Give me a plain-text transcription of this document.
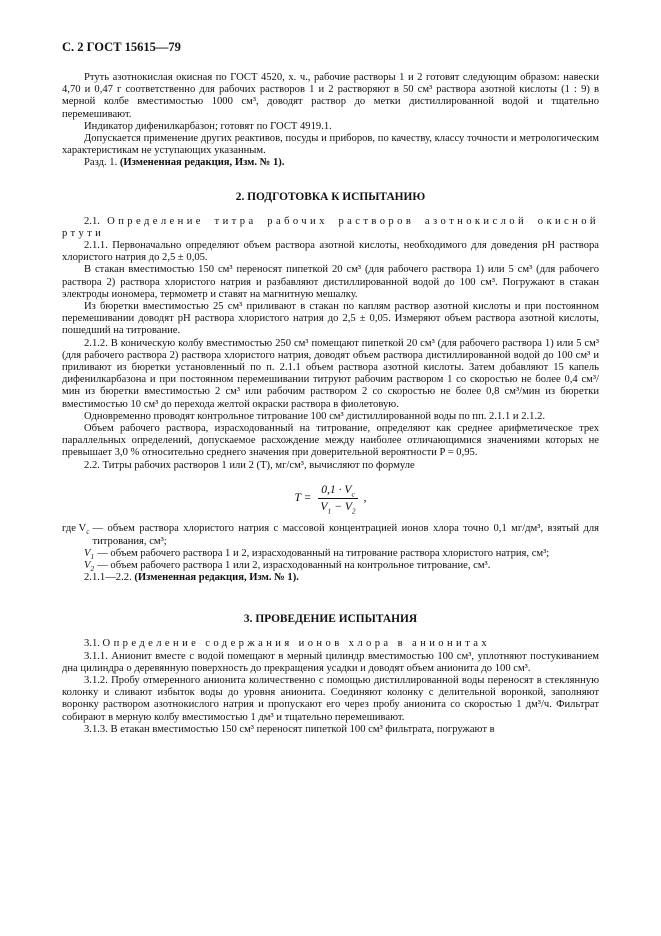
С. 2 ГОСТ 15615—79

Ртуть азотнокислая окисная по ГОСТ 4520, х. ч., рабочие растворы 1 и 2 готовят следующим образом: навески 4,70 и 0,47 г соответственно для рабочих растворов 1 и 2 растворяют в 50 см³ раствора азотной кислоты (1 : 9) в мерной колбе вместимостью 1000 см³, доводят раствор до метки дистиллированной водой и тщательно перемешивают.

Индикатор дифенилкарбазон; готовят по ГОСТ 4919.1.

Допускается применение других реактивов, посуды и приборов, по качеству, классу точности и метрологическим характеристикам не уступающих указанным.

Разд. 1. (Измененная редакция, Изм. № 1).

2. ПОДГОТОВКА К ИСПЫТАНИЮ

2.1. Определение титра рабочих растворов азотнокислой окисной ртути

2.1.1. Первоначально определяют объем раствора азотной кислоты, необходимого для доведения рН раствора хлористого натрия до 2,5 ± 0,05.

В стакан вместимостью 150 см³ переносят пипеткой 20 см³ (для рабочего раствора 1) или 5 см³ (для рабочего раствора 2) раствора хлористого натрия и разбавляют дистиллированной водой до 100 см³. Погружают в стакан электроды иономера, термометр и ставят на магнитную мешалку.

Из бюретки вместимостью 25 см³ приливают в стакан по каплям раствор азотной кислоты и при постоянном перемешивании доводят рН раствора хлористого натрия до 2,5 ± 0,05. Измеряют объем раствора азотной кислоты, пошедший на титрование.

2.1.2. В коническую колбу вместимостью 250 см³ помещают пипеткой 20 см³ (для рабочего раствора 1) или 5 см³ (для рабочего раствора 2) раствора хлористого натрия, доводят объем раствора дистиллированной водой до 100 см³ и приливают из бюретки установленный по п. 2.1.1 объем раствора азотной кислоты. Затем добавляют 15 капель дифенилкарбазона и при постоянном перемешивании титруют рабочим раствором 1 со скоростью не более 0,4 см³/мин из бюретки вместимостью 2 см³ или рабочим раствором 2 со скоростью не более 0,8 см³/мин из бюретки вместимостью 10 см³ до перехода желтой окраски раствора в фиолетовую.

Одновременно проводят контрольное титрование 100 см³ дистиллированной воды по пп. 2.1.1 и 2.1.2.

Объем рабочего раствора, израсходованный на титрование, определяют как среднее арифметическое трех параллельных определений, допускаемое расхождение между наиболее отличающимися значениями которых не превышает 3,0 % относительно среднего значения при доверительной вероятности P = 0,95.

2.2. Титры рабочих растворов 1 или 2 (T), мг/см³, вычисляют по формуле

$T = \frac{0,1 \cdot V_c}{V_1 - V_2}$ ,
где $V_c$ — объем раствора хлористого натрия с массовой концентрацией ионов хлора точно 0,1 мг/дм³, взятый для титрования, см³;
$V_1$ — объем рабочего раствора 1 и 2, израсходованный на титрование раствора хлористого натрия, см³;
$V_2$ — объем рабочего раствора 1 или 2, израсходованный на контрольное титрование, см³.

2.1.1—2.2. (Измененная редакция, Изм. № 1).

3. ПРОВЕДЕНИЕ ИСПЫТАНИЯ

3.1. Определение содержания ионов хлора в анионитах

3.1.1. Анионит вместе с водой помещают в мерный цилиндр вместимостью 100 см³, уплотняют постукиванием дна цилиндра о деревянную поверхность до прекращения усадки и доводят объем анионита до 100 см³.

3.1.2. Пробу отмеренного анионита количественно с помощью дистиллированной воды переносят в стеклянную колонку и сливают избыток воды до уровня анионита. Соединяют колонку с делительной воронкой, заполняют воронку раствором азотнокислого натрия и пропускают его через пробу анионита со скоростью 1 дм³/ч. Фильтрат собирают в мерную колбу вместимостью 1 дм³ и тщательно перемешивают.

3.1.3. В етакан вместимостью 150 см³ переносят пипеткой 100 см³ фильтрата, погружают в
